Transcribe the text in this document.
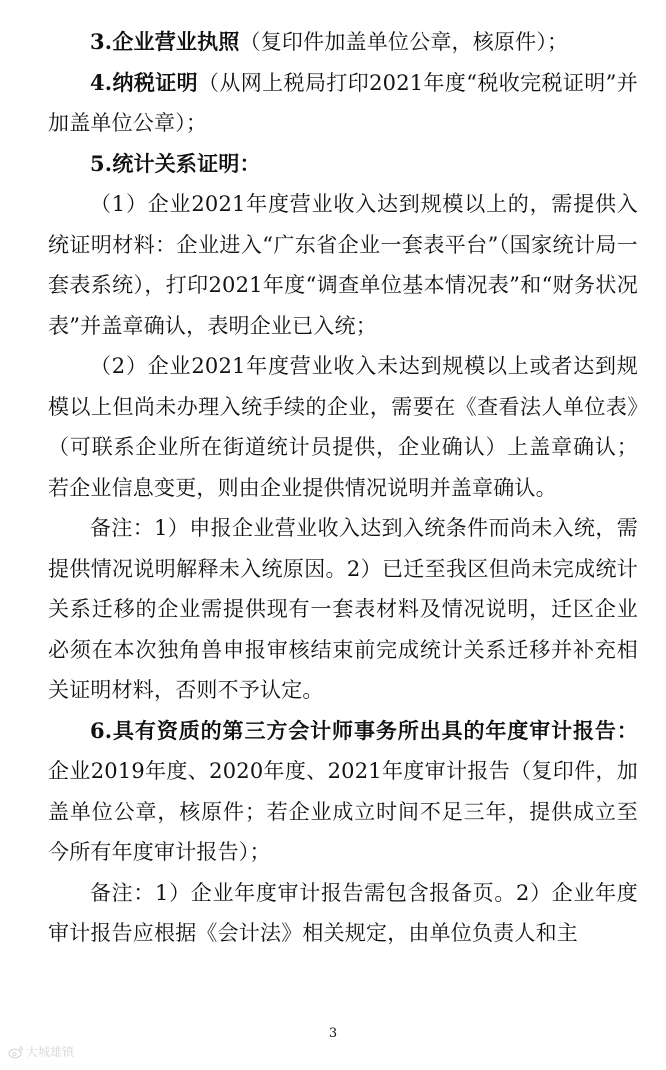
3.企业营业执照（复印件加盖单位公章，核原件）；

4.纳税证明（从网上税局打印2021年度“税收完税证明”并加盖单位公章）；

5.统计关系证明：

（1）企业2021年度营业收入达到规模以上的，需提供入统证明材料：企业进入“广东省企业一套表平台”（国家统计局一套表系统），打印2021年度“调查单位基本情况表”和“财务状况表”并盖章确认，表明企业已入统；

（2）企业2021年度营业收入未达到规模以上或者达到规模以上但尚未办理入统手续的企业，需要在《查看法人单位表》（可联系企业所在街道统计员提供，企业确认）上盖章确认；若企业信息变更，则由企业提供情况说明并盖章确认。

备注：1）申报企业营业收入达到入统条件而尚未入统，需提供情况说明解释未入统原因。2）已迁至我区但尚未完成统计关系迁移的企业需提供现有一套表材料及情况说明，迁区企业必须在本次独角兽申报审核结束前完成统计关系迁移并补充相关证明材料，否则不予认定。

6.具有资质的第三方会计师事务所出具的年度审计报告：企业2019年度、2020年度、2021年度审计报告（复印件，加盖单位公章，核原件；若企业成立时间不足三年，提供成立至今所有年度审计报告）；

备注：1）企业年度审计报告需包含报备页。2）企业年度审计报告应根据《会计法》相关规定，由单位负责人和主

3
大城雄镇
